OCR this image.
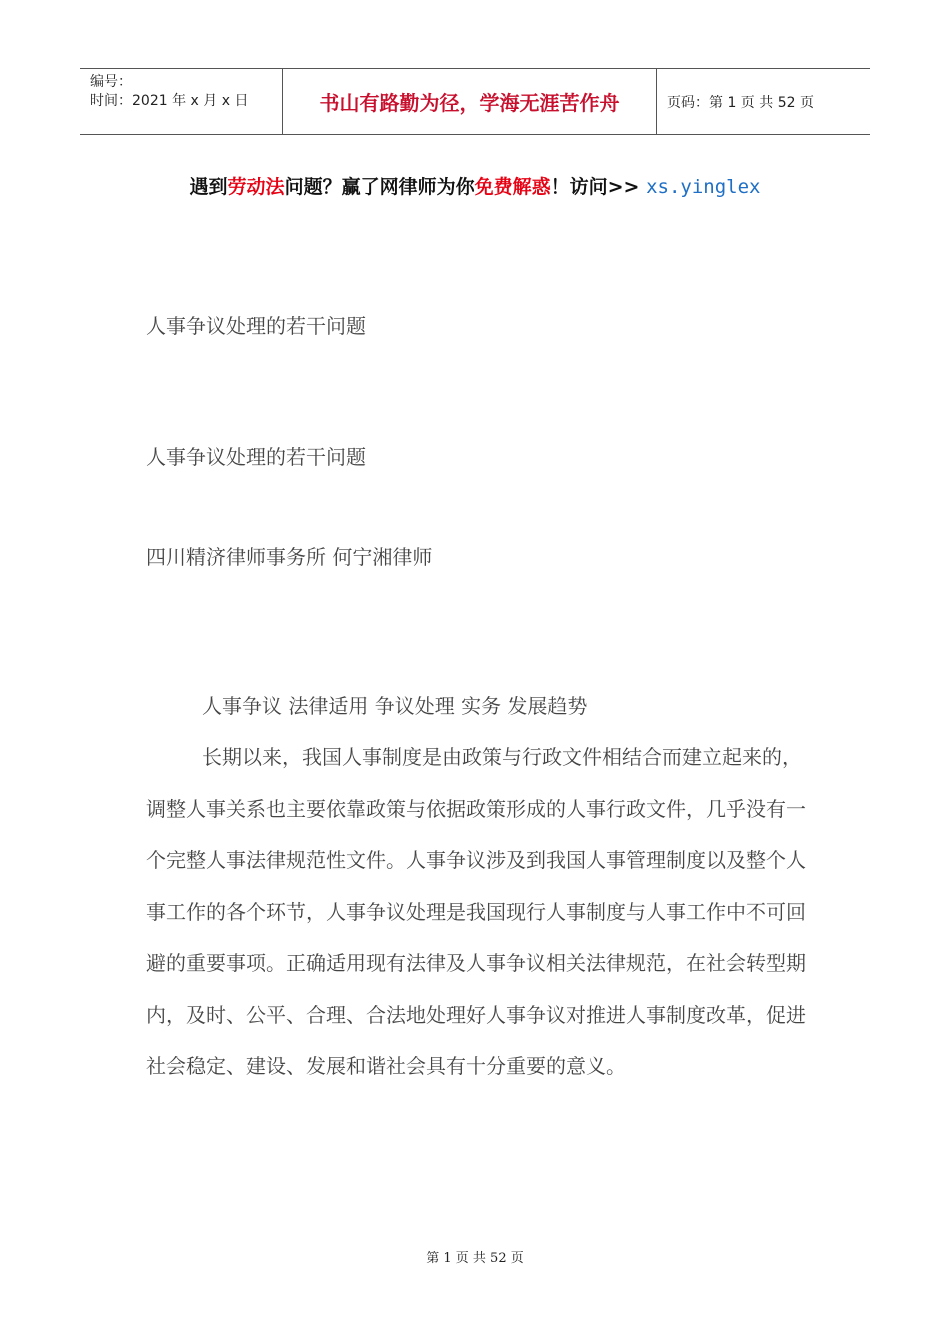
编号：
时间：2021 年 x 月 x 日	书山有路勤为径，学海无涯苦作舟	页码：第 1 页 共 52 页
遇到劳动法问题？赢了网律师为你免费解惑！访问>> xs.yinglex
人事争议处理的若干问题
人事争议处理的若干问题
四川精济律师事务所 何宁湘律师
人事争议 法律适用 争议处理 实务 发展趋势

长期以来，我国人事制度是由政策与行政文件相结合而建立起来的，调整人事关系也主要依靠政策与依据政策形成的人事行政文件，几乎没有一个完整人事法律规范性文件。人事争议涉及到我国人事管理制度以及整个人事工作的各个环节，人事争议处理是我国现行人事制度与人事工作中不可回避的重要事项。正确适用现有法律及人事争议相关法律规范，在社会转型期内，及时、公平、合理、合法地处理好人事争议对推进人事制度改革，促进社会稳定、建设、发展和谐社会具有十分重要的意义。

第 1 页 共 52 页
